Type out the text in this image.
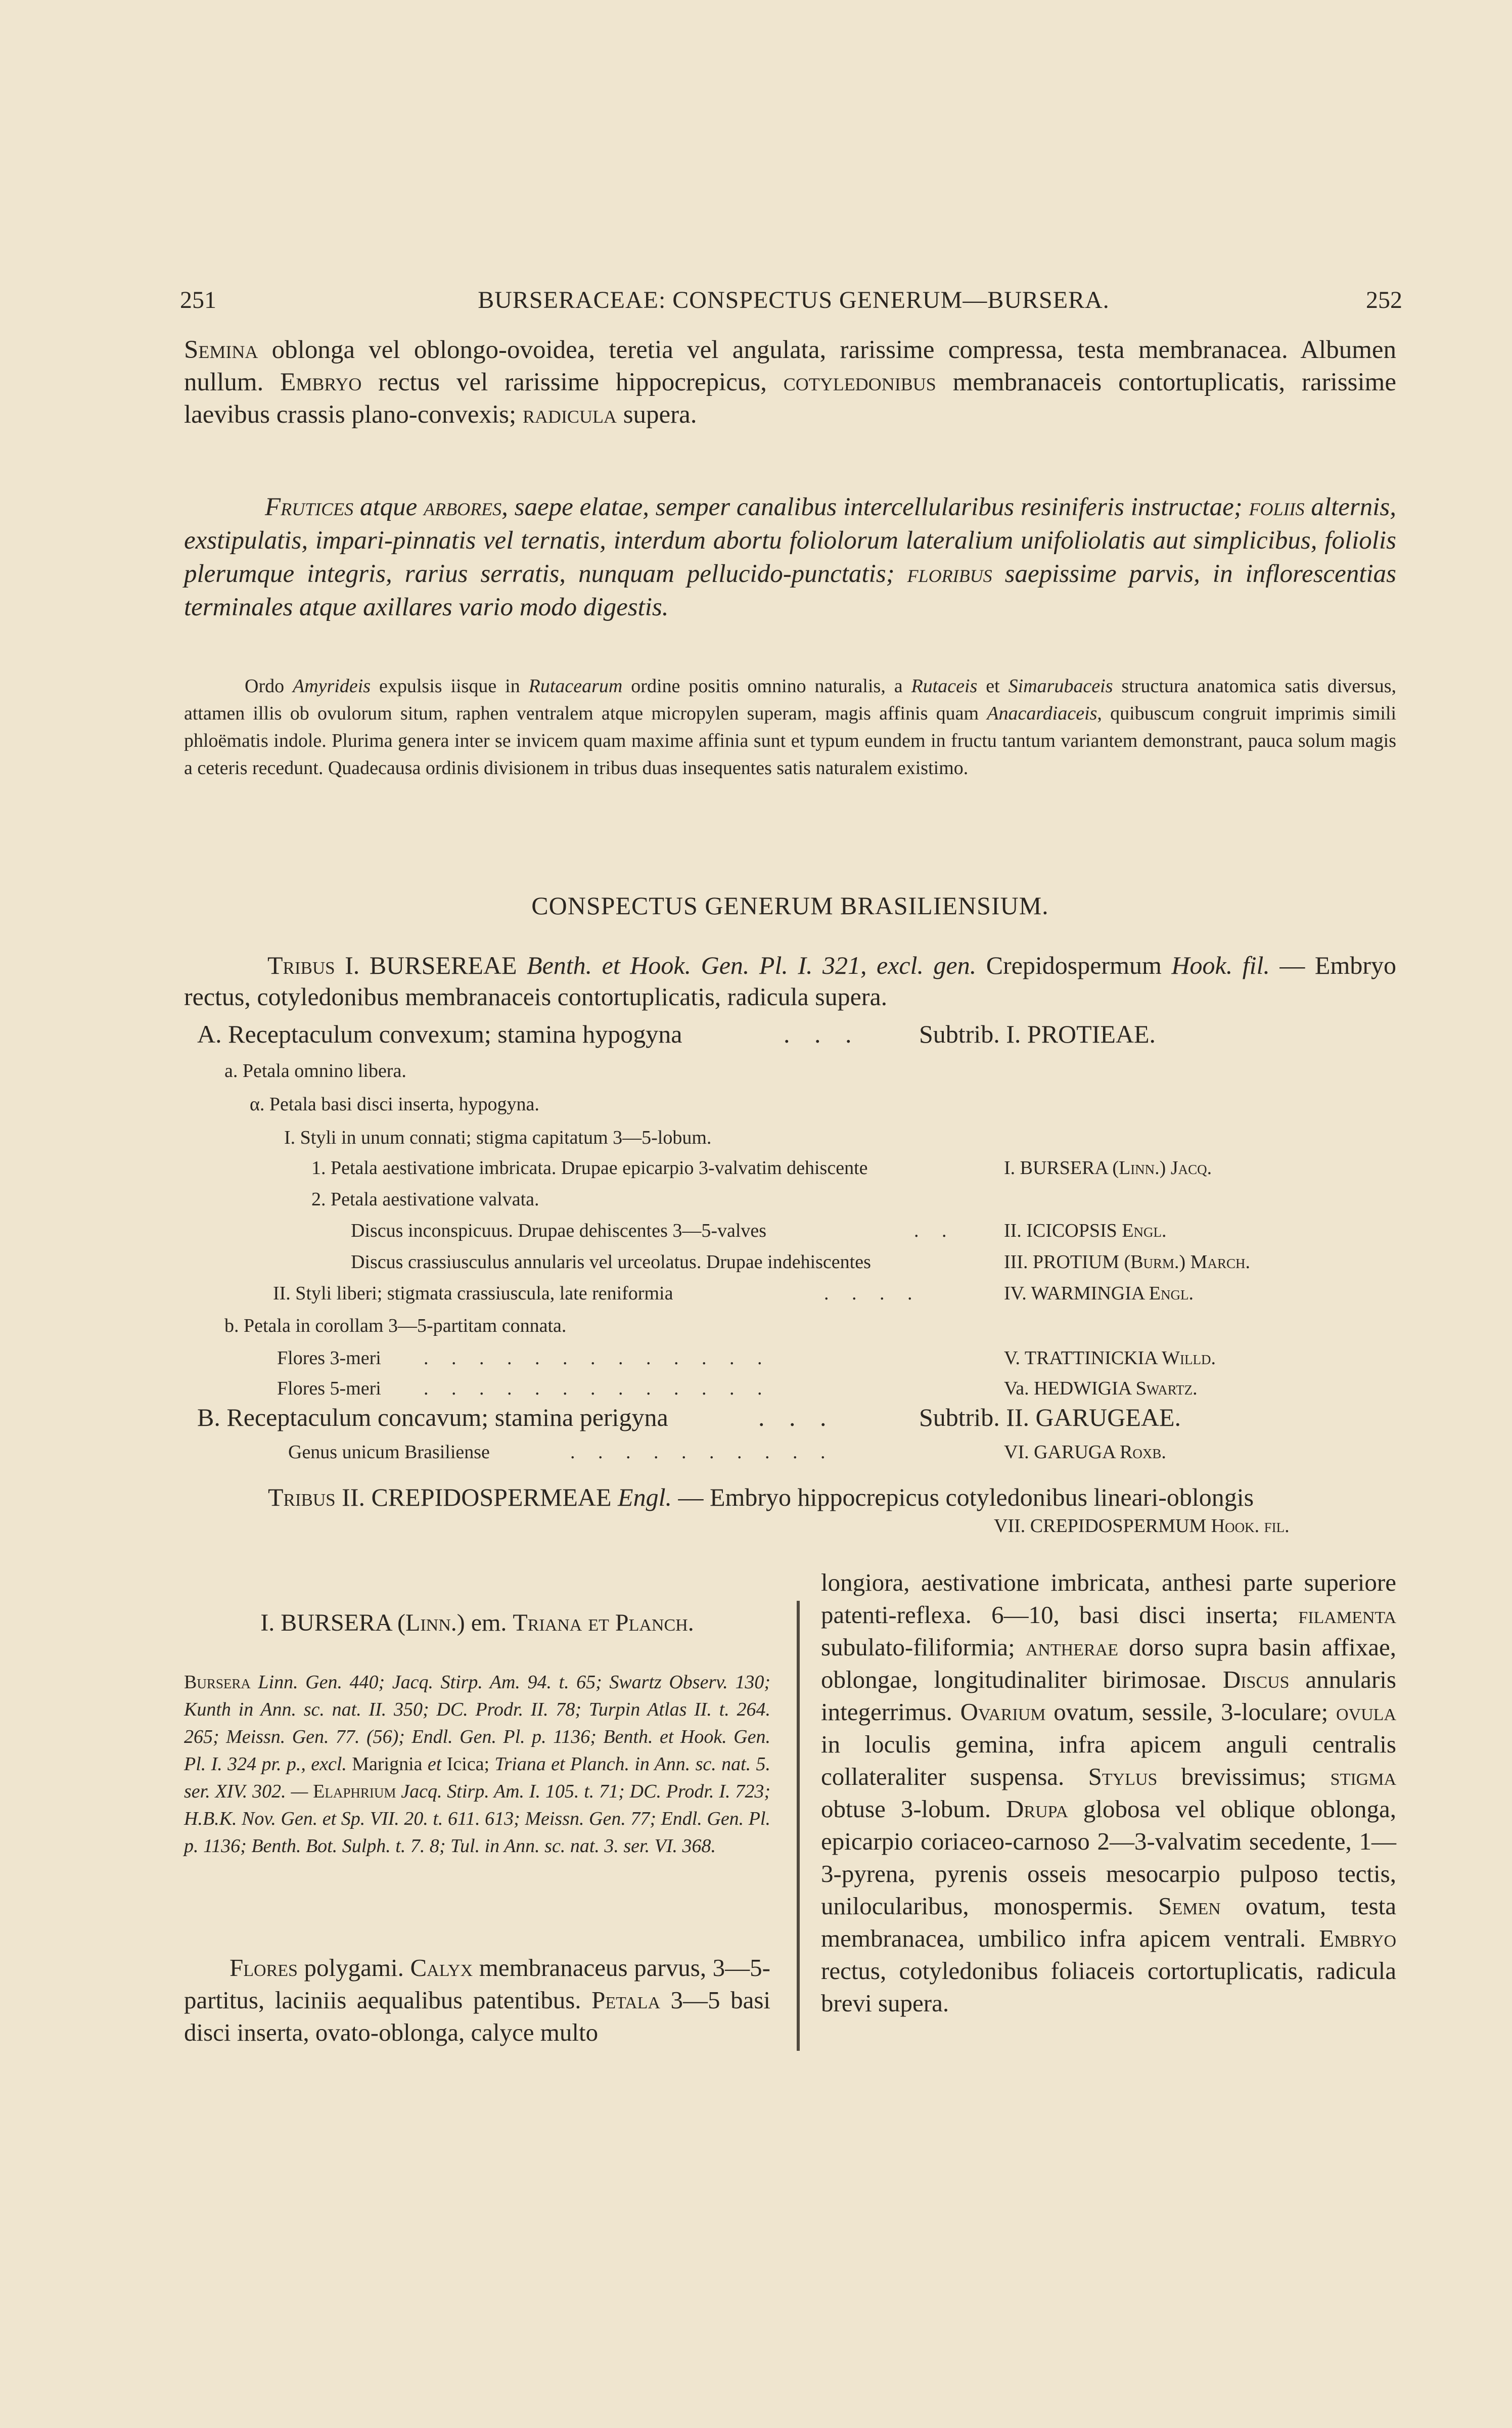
251	BURSERACEAE: CONSPECTUS GENERUM—BURSERA.	252

Semina oblonga vel oblongo-ovoidea, teretia vel angulata, rarissime compressa, testa membranacea. Albumen nullum. Embryo rectus vel rarissime hippocrepicus, cotyledonibus membranaceis contortuplicatis, rarissime laevibus crassis plano-convexis; radicula supera.

Frutices atque arbores, saepe elatae, semper canalibus intercellularibus resiniferis instructae; foliis alternis, exstipulatis, impari-pinnatis vel ternatis, interdum abortu foliolorum lateralium unifoliolatis aut simplicibus, foliolis plerumque integris, rarius serratis, nunquam pellucido-punctatis; floribus saepissime parvis, in inflorescentias terminales atque axillares vario modo digestis.

Ordo Amyrideis expulsis iisque in Rutacearum ordine positis omnino naturalis, a Rutaceis et Simarubaceis structura anatomica satis diversus, attamen illis ob ovulorum situm, raphen ventralem atque micropylen superam, magis affinis quam Anacardiaceis, quibuscum congruit imprimis simili phloëmatis indole. Plurima genera inter se invicem quam maxime affinia sunt et typum eundem in fructu tantum variantem demonstrant, pauca solum magis a ceteris recedunt. Quadecausa ordinis divisionem in tribus duas insequentes satis naturalem existimo.

CONSPECTUS GENERUM BRASILIENSIUM.

Tribus I. BURSEREAE Benth. et Hook. Gen. Pl. I. 321, excl. gen. Crepidospermum Hook. fil. — Embryo rectus, cotyledonibus membranaceis contortuplicatis, radicula supera.

A. Receptaculum convexum; stamina hypogyna	. . . Subtrib. I. PROTIEAE.
a. Petala omnino libera.
α. Petala basi disci inserta, hypogyna.
I. Styli in unum connati; stigma capitatum 3—5-lobum.
1. Petala aestivatione imbricata. Drupae epicarpio 3-valvatim dehiscente	I. BURSERA (Linn.) Jacq.
2. Petala aestivatione valvata.
Discus inconspicuus. Drupae dehiscentes 3—5-valves	. .	II. ICICOPSIS Engl.
Discus crassiusculus annularis vel urceolatus. Drupae indehiscentes	III. PROTIUM (Burm.) March.
II. Styli liberi; stigmata crassiuscula, late reniformia	. . . .	IV. WARMINGIA Engl.
b. Petala in corollam 3—5-partitam connata.
Flores 3-meri . . . . . . . . . . . . .	V. TRATTINICKIA Willd.
Flores 5-meri . . . . . . . . . . . . .	Va. HEDWIGIA Swartz.
B. Receptaculum concavum; stamina perigyna	. . .	Subtrib. II. GARUGEAE.
Genus unicum Brasiliense	. . . . . . . . . .	VI. GARUGA Roxb.
Tribus II. CREPIDOSPERMEAE Engl. — Embryo hippocrepicus cotyledonibus lineari-oblongis
VII. CREPIDOSPERMUM Hook. fil.
I. BURSERA (Linn.) em. Triana et Planch.

Bursera Linn. Gen. 440; Jacq. Stirp. Am. 94. t. 65; Swartz Observ. 130; Kunth in Ann. sc. nat. II. 350; DC. Prodr. II. 78; Turpin Atlas II. t. 264. 265; Meissn. Gen. 77. (56); Endl. Gen. Pl. p. 1136; Benth. et Hook. Gen. Pl. I. 324 pr. p., excl. Marignia et Icica; Triana et Planch. in Ann. sc. nat. 5. ser. XIV. 302. — Elaphrium Jacq. Stirp. Am. I. 105. t. 71; DC. Prodr. I. 723; H.B.K. Nov. Gen. et Sp. VII. 20. t. 611. 613; Meissn. Gen. 77; Endl. Gen. Pl. p. 1136; Benth. Bot. Sulph. t. 7. 8; Tul. in Ann. sc. nat. 3. ser. VI. 368.

Flores polygami. Calyx membranaceus parvus, 3—5-partitus, laciniis aequalibus patentibus. Petala 3—5 basi disci inserta, ovato-oblonga, calyce multo

longiora, aestivatione imbricata, anthesi parte superiore patenti-reflexa. 6—10, basi disci inserta; filamenta subulato-filiformia; antherae dorso supra basin affixae, oblongae, longitudinaliter birimosae. Discus annularis integerrimus. Ovarium ovatum, sessile, 3-loculare; ovula in loculis gemina, infra apicem anguli centralis collateraliter suspensa. Stylus brevissimus; stigma obtuse 3-lobum. Drupa globosa vel oblique oblonga, epicarpio coriaceo-carnoso 2—3-valvatim secedente, 1—3-pyrena, pyrenis osseis mesocarpio pulposo tectis, unilocularibus, monospermis. Semen ovatum, testa membranacea, umbilico infra apicem ventrali. Embryo rectus, cotyledonibus foliaceis cortortuplicatis, radicula brevi supera.
